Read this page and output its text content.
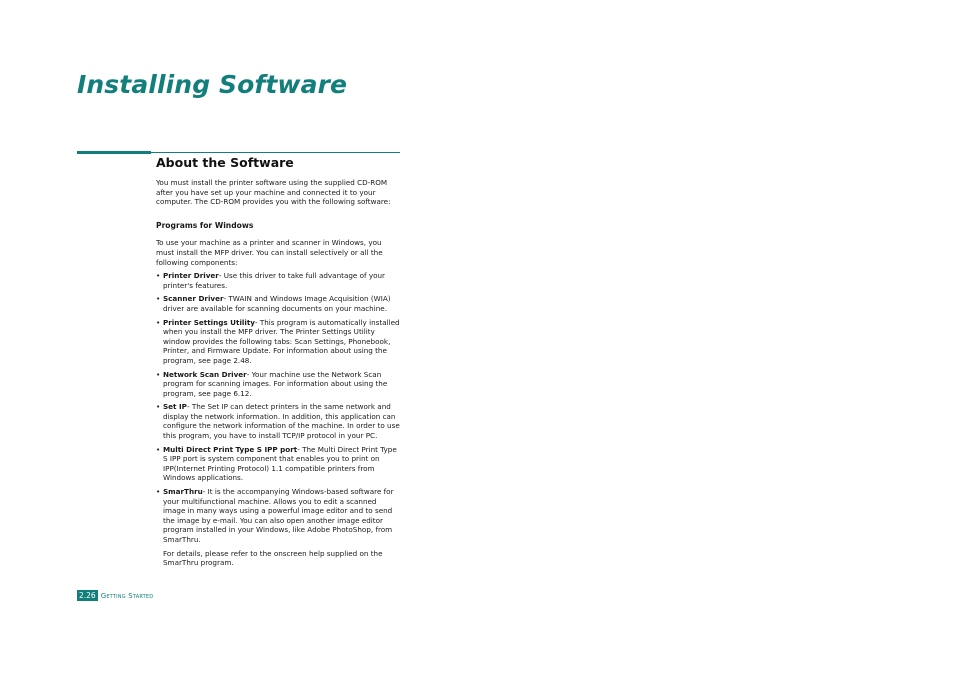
Installing Software
About the Software

You must install the printer software using the supplied CD-ROM after you have set up your machine and connected it to your computer. The CD-ROM provides you with the following software:

Programs for Windows

To use your machine as a printer and scanner in Windows, you must install the MFP driver. You can install selectively or all the following components:

• Printer Driver- Use this driver to take full advantage of your printer's features.
• Scanner Driver- TWAIN and Windows Image Acquisition (WIA) driver are available for scanning documents on your machine.
• Printer Settings Utility- This program is automatically installed when you install the MFP driver. The Printer Settings Utility window provides the following tabs: Scan Settings, Phonebook, Printer, and Firmware Update. For information about using the program, see page 2.48.
• Network Scan Driver- Your machine use the Network Scan program for scanning images. For information about using the program, see page 6.12.
• Set IP- The Set IP can detect printers in the same network and display the network information. In addition, this application can configure the network information of the machine. In order to use this program, you have to install TCP/IP protocol in your PC.
• Multi Direct Print Type S IPP port- The Multi Direct Print Type S IPP port is system component that enables you to print on IPP(Internet Printing Protocol) 1.1 compatible printers from Windows applications.
• SmarThru- It is the accompanying Windows-based software for your multifunctional machine. Allows you to edit a scanned image in many ways using a powerful image editor and to send the image by e-mail. You can also open another image editor program installed in your Windows, like Adobe PhotoShop, from SmarThru.

For details, please refer to the onscreen help supplied on the SmarThru program.

2.26 Getting Started
